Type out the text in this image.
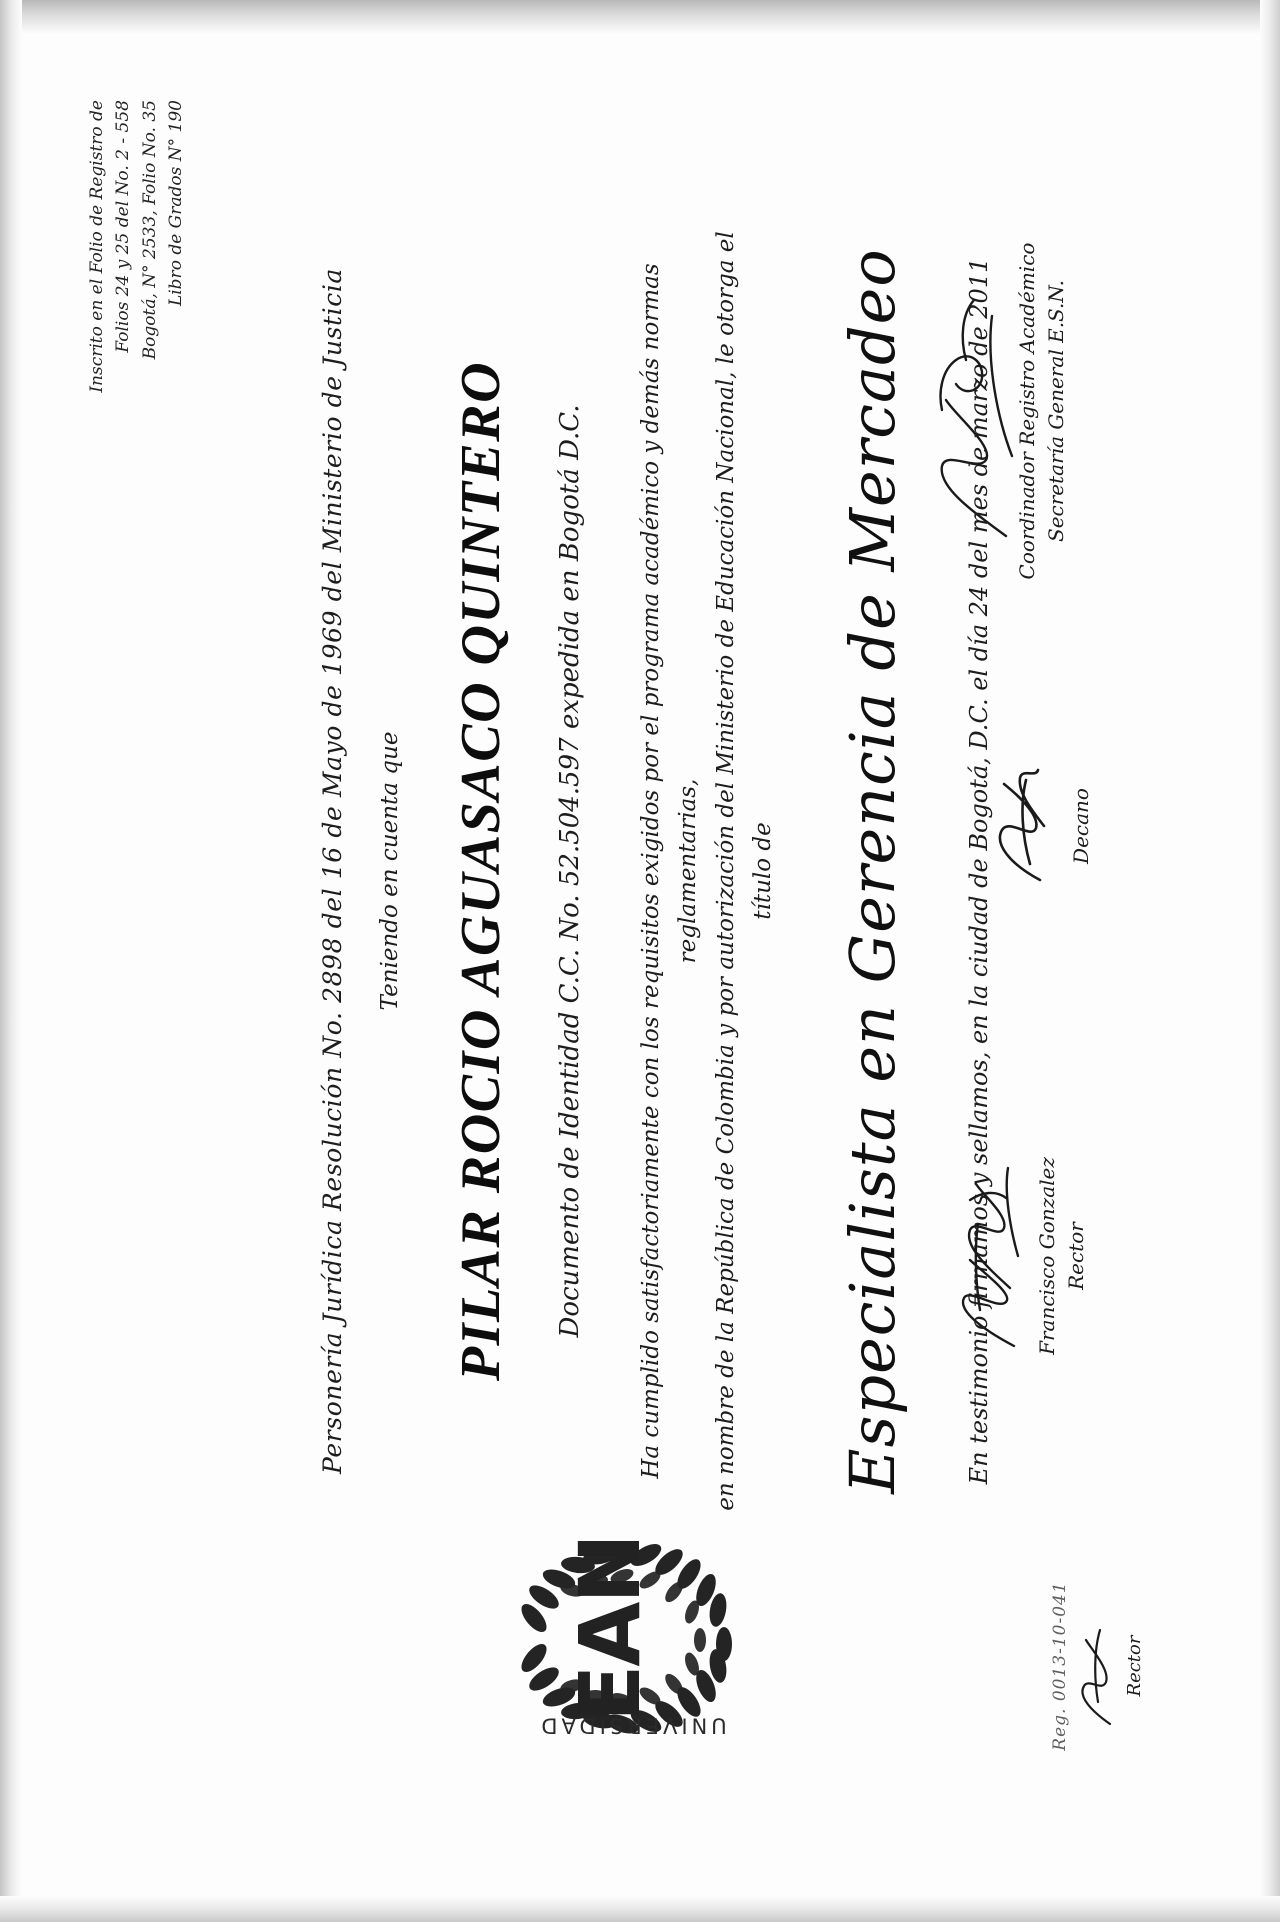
EAN
UNIVERSIDAD
Personería Jurídica Resolución No. 2898 del 16 de Mayo de 1969 del Ministerio de Justicia Teniendo en cuenta que PILAR ROCIO AGUASACO QUINTERO Documento de Identidad C.C. No. 52.504.597 expedida en Bogotá D.C. Ha cumplido satisfactoriamente con los requisitos exigidos por el programa académico y demás normas reglamentarias, en nombre de la República de Colombia y por autorización del Ministerio de Educación Nacional, le otorga el título de Especialista en Gerencia de Mercadeo En testimonio firmamos y sellamos, en la ciudad de Bogotá, D.C. el día 24 del mes de marzo de 2011 Francisco Gonzalez Rector
Decano
Coordinador Registro Académico Secretaría General E.S.N.
Inscrito en el Folio de Registro de Folios 24 y 25 del No. 2 - 558 Bogotá, N° 2533, Folio No. 35 Libro de Grados N° 190
Reg. 0013-10-041	Rector
